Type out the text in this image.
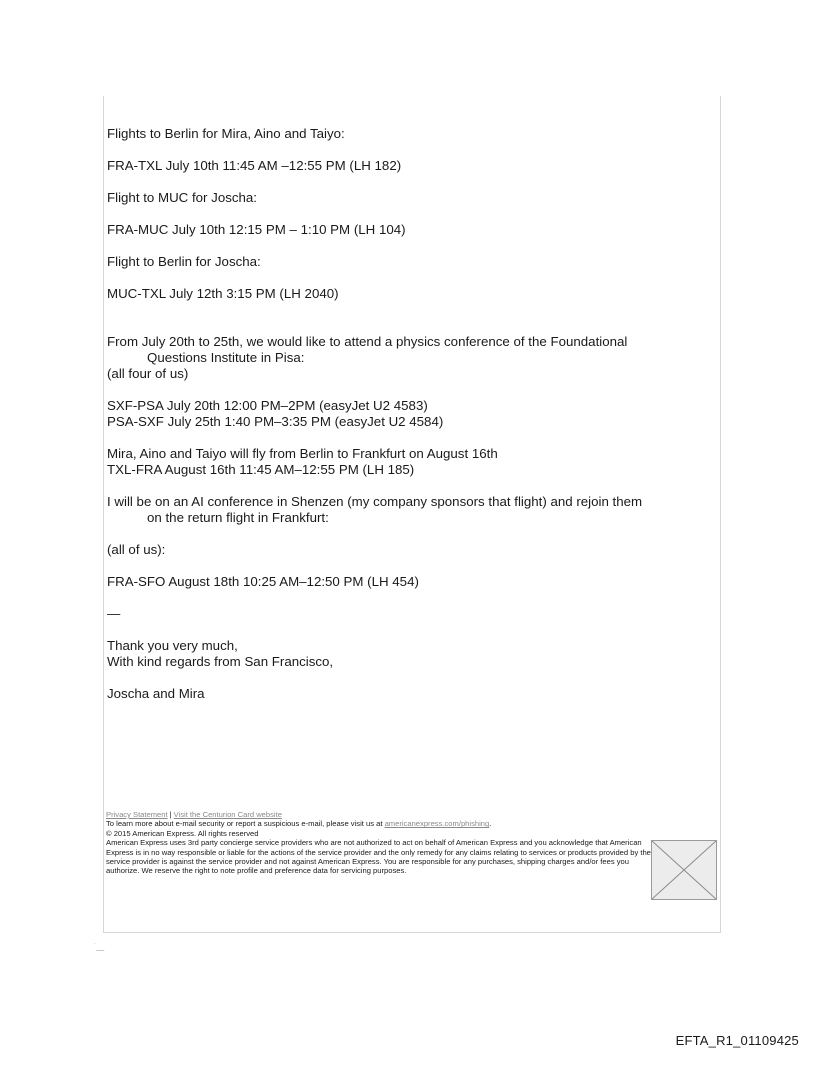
Flights to Berlin for Mira, Aino and Taiyo:

FRA-TXL July 10th 11:45 AM –12:55 PM (LH 182)

Flight to MUC for Joscha:

FRA-MUC July 10th 12:15 PM – 1:10 PM (LH 104)

Flight to Berlin for Joscha:

MUC-TXL July 12th 3:15 PM (LH 2040)

From July 20th to 25th, we would like to attend a physics conference of the Foundational

Questions Institute in Pisa:

(all four of us)

SXF-PSA July 20th 12:00 PM–2PM (easyJet U2 4583)

PSA-SXF July 25th 1:40 PM–3:35 PM (easyJet U2 4584)

Mira, Aino and Taiyo will fly from Berlin to Frankfurt on August 16th

TXL-FRA August 16th 11:45 AM–12:55 PM (LH 185)

I will be on an AI conference in Shenzen (my company sponsors that flight) and rejoin them

on the return flight in Frankfurt:

(all of us):

FRA-SFO August 18th 10:25 AM–12:50 PM (LH 454)

—

Thank you very much,

With kind regards from San Francisco,

Joscha and Mira

Privacy Statement | Visit the Centurion Card website
To learn more about e-mail security or report a suspicious e-mail, please visit us at americanexpress.com/phishing.
© 2015 American Express. All rights reserved
American Express uses 3rd party concierge service providers who are not authorized to act on behalf of American Express and you acknowledge that American Express is in no way responsible or liable for the actions of the service provider and the only remedy for any claims relating to services or products provided by the service provider is against the service provider and not against American Express. You are responsible for any purchases, shipping charges and/or fees you authorize. We reserve the right to note profile and preference data for servicing purposes.
˙__
EFTA_R1_01109425
